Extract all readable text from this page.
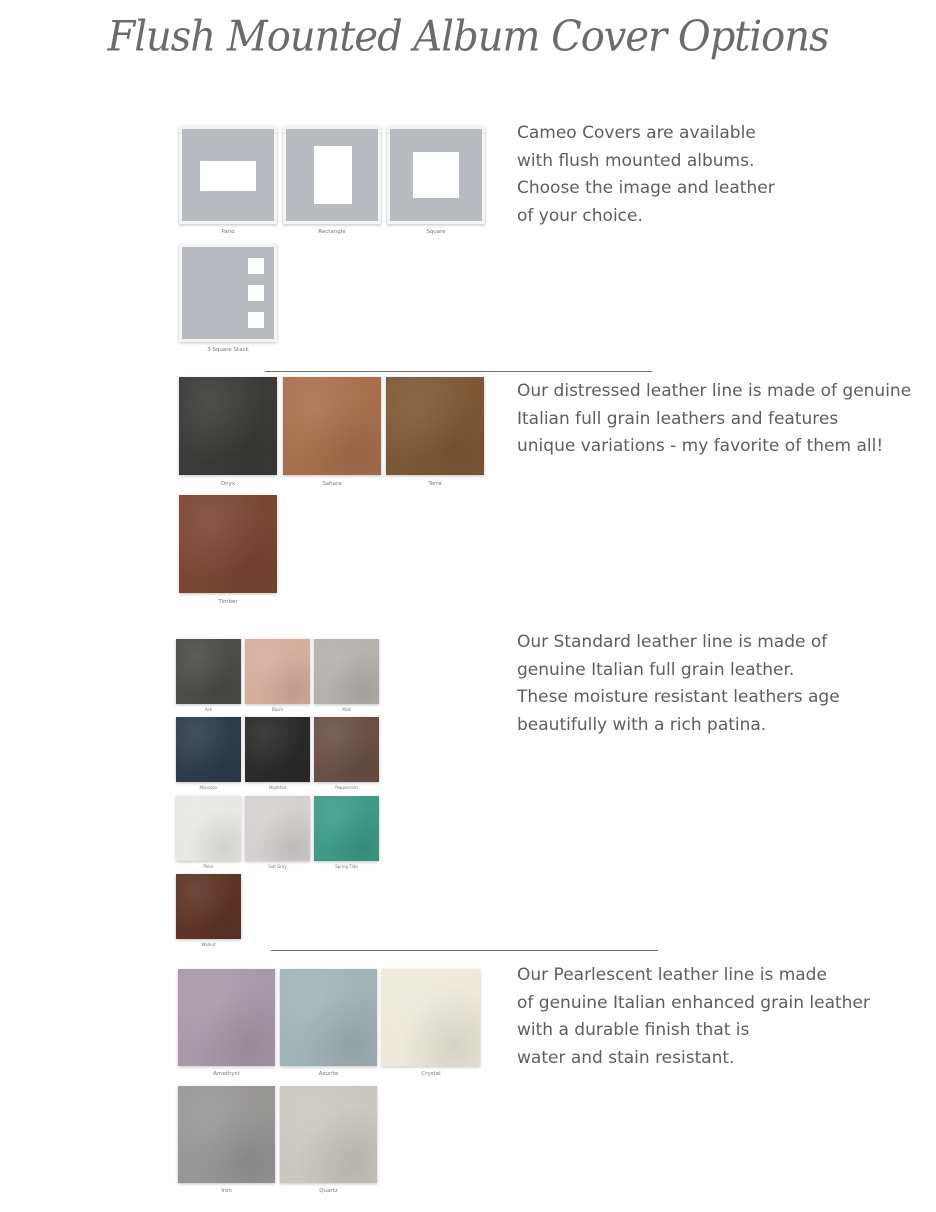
Flush Mounted Album Cover Options
Pano	Rectangle	Square
3 Square Stack
Cameo Covers are available
with flush mounted albums.
Choose the image and leather
of your choice.
Onyx	Sahara	Terra
Timber
Our distressed leather line is made of genuine
Italian full grain leathers and features
unique variations - my favorite of them all!
Ash	Blush	Mist
Monsoon	Nightfall	Peppercorn
Polar	Salt Gray	Spring Tide
Walnut
Our Standard leather line is made of
genuine Italian full grain leather.
These moisture resistant leathers age
beautifully with a rich patina.
Amethyst	Azurite	Crystal
Iron	Quartz
Our Pearlescent leather line is made
of genuine Italian enhanced grain leather
with a durable finish that is
water and stain resistant.
